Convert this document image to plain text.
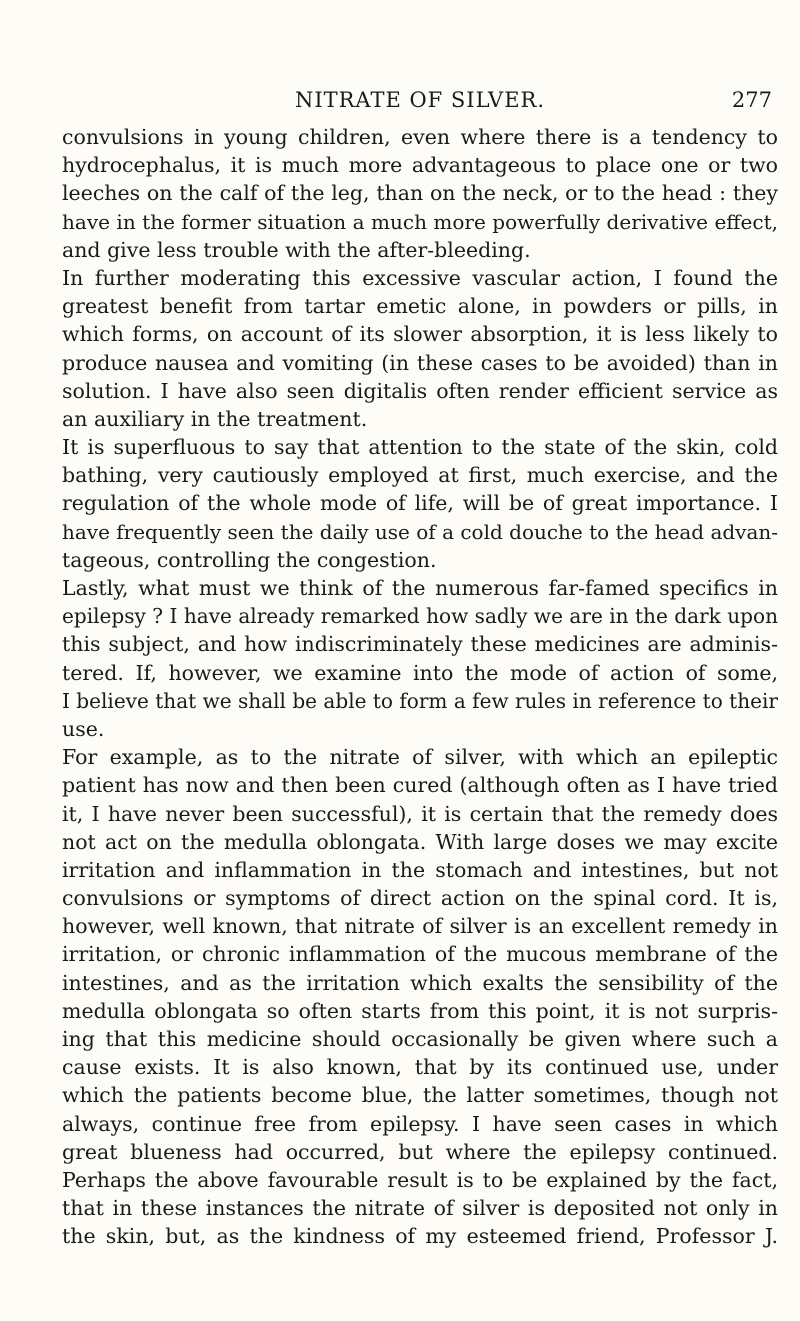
NITRATE OF SILVER.	277
convulsions in young children, even where there is a tendency to
hydrocephalus, it is much more advantageous to place one or two
leeches on the calf of the leg, than on the neck, or to the head : they
have in the former situation a much more powerfully derivative effect,
and give less trouble with the after-bleeding.
In further moderating this excessive vascular action, I found the
greatest benefit from tartar emetic alone, in powders or pills, in
which forms, on account of its slower absorption, it is less likely to
produce nausea and vomiting (in these cases to be avoided) than in
solution. I have also seen digitalis often render efficient service as
an auxiliary in the treatment.
It is superfluous to say that attention to the state of the skin, cold
bathing, very cautiously employed at first, much exercise, and the
regulation of the whole mode of life, will be of great importance. I
have frequently seen the daily use of a cold douche to the head advan-
tageous, controlling the congestion.
Lastly, what must we think of the numerous far-famed specifics in
epilepsy ? I have already remarked how sadly we are in the dark upon
this subject, and how indiscriminately these medicines are adminis-
tered. If, however, we examine into the mode of action of some,
I believe that we shall be able to form a few rules in reference to their
use.
For example, as to the nitrate of silver, with which an epileptic
patient has now and then been cured (although often as I have tried
it, I have never been successful), it is certain that the remedy does
not act on the medulla oblongata. With large doses we may excite
irritation and inflammation in the stomach and intestines, but not
convulsions or symptoms of direct action on the spinal cord. It is,
however, well known, that nitrate of silver is an excellent remedy in
irritation, or chronic inflammation of the mucous membrane of the
intestines, and as the irritation which exalts the sensibility of the
medulla oblongata so often starts from this point, it is not surpris-
ing that this medicine should occasionally be given where such a
cause exists. It is also known, that by its continued use, under
which the patients become blue, the latter sometimes, though not
always, continue free from epilepsy. I have seen cases in which
great blueness had occurred, but where the epilepsy continued.
Perhaps the above favourable result is to be explained by the fact,
that in these instances the nitrate of silver is deposited not only in
the skin, but, as the kindness of my esteemed friend, Professor J.
